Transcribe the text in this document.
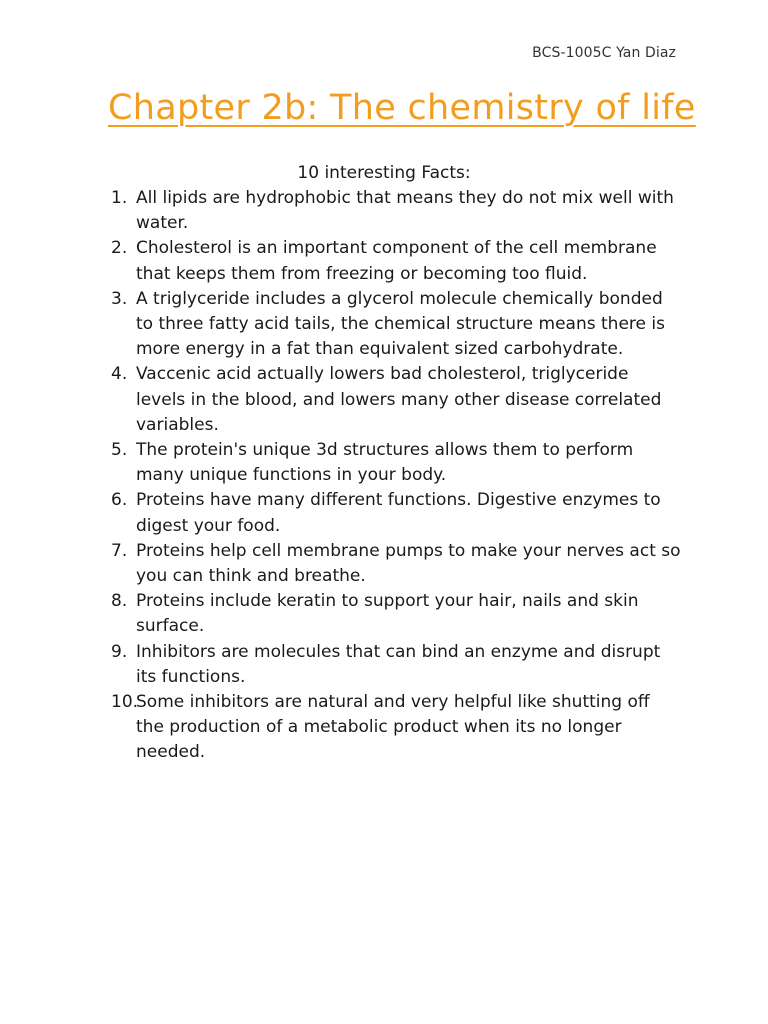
BCS-1005C Yan Diaz
Chapter 2b: The chemistry of life
10 interesting Facts:
1. All lipids are hydrophobic that means they do not mix well with water.
2. Cholesterol is an important component of the cell membrane that keeps them from freezing or becoming too fluid.
3. A triglyceride includes a glycerol molecule chemically bonded to three fatty acid tails, the chemical structure means there is more energy in a fat than equivalent sized carbohydrate.
4. Vaccenic acid actually lowers bad cholesterol, triglyceride levels in the blood, and lowers many other disease correlated variables.
5. The protein's unique 3d structures allows them to perform many unique functions in your body.
6. Proteins have many different functions. Digestive enzymes to digest your food.
7. Proteins help cell membrane pumps to make your nerves act so you can think and breathe.
8. Proteins include keratin to support your hair, nails and skin surface.
9. Inhibitors are molecules that can bind an enzyme and disrupt its functions.
10.
Some inhibitors are natural and very helpful like shutting off the production of a metabolic product when its no longer needed.
